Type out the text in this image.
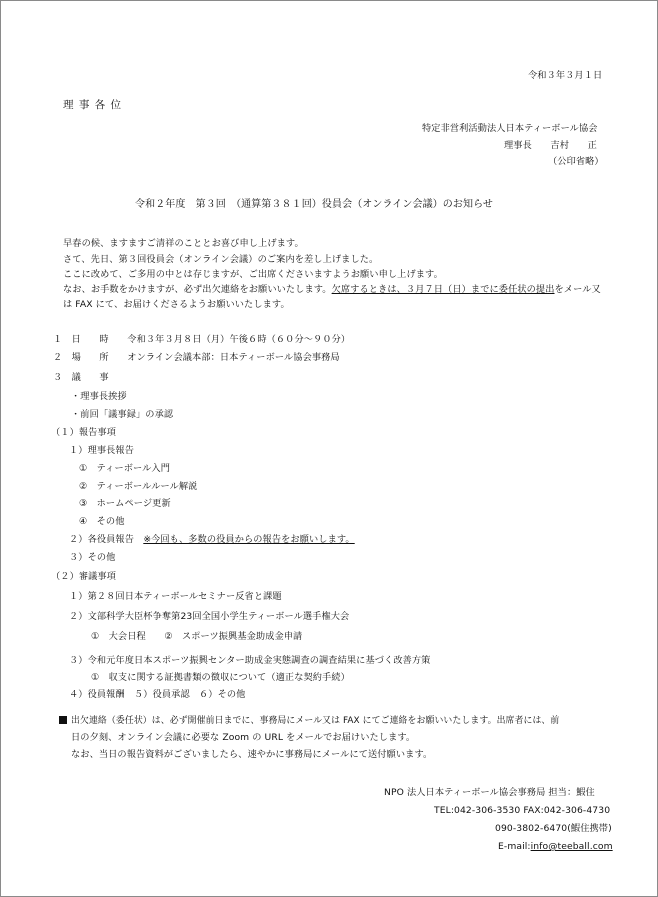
令和３年３月１日
理 事 各 位
特定非営利活動法人日本ティーボール協会
理事長　　吉村　　正
（公印省略）
令和２年度　第３回　（通算第３８１回）役員会（オンライン会議）のお知らせ
早春の候、ますますご清祥のこととお喜び申し上げます。
さて、先日、第３回役員会（オンライン会議）のご案内を差し上げました。
ここに改めて、ご多用の中とは存じますが、ご出席くださいますようお願い申し上げます。
なお、お手数をかけますが、必ず出欠連絡をお願いいたします。欠席するときは、３月７日（日）までに委任状の提出をメール又
は FAX にて、お届けくださるようお願いいたします。
１　日　　時　　令和３年３月８日（月）午後６時（６０分～９０分）
２　場　　所　　オンライン会議本部：日本ティーボール協会事務局
３　議　　事
・理事長挨拶
・前回「議事録」の承認
（１）報告事項
１）理事長報告
①　ティーボール入門
②　ティーボールルール解説
③　ホームページ更新
④　その他
２）各役員報告　※今回も、多数の役員からの報告をお願いします。
３）その他
（２）審議事項
１）第２８回日本ティーボールセミナー反省と課題
２）文部科学大臣杯争奪第23回全国小学生ティーボール選手権大会
①　大会日程　　②　スポーツ振興基金助成金申請
３）令和元年度日本スポーツ振興センター助成金実態調査の調査結果に基づく改善方策
①　収支に関する証拠書類の徴収について（適正な契約手続）
４）役員報酬　５）役員承認　６）その他
出欠連絡（委任状）は、必ず開催前日までに、事務局にメール又は FAX にてご連絡をお願いいたします。出席者には、前
日の夕刻、オンライン会議に必要な Zoom の URL をメールでお届けいたします。
なお、当日の報告資料がございましたら、速やかに事務局にメールにて送付願います。
NPO 法人日本ティーボール協会事務局 担当：鰕住
TEL:042-306-3530 FAX:042-306-4730
090-3802-6470(鰕住携帯)
E-mail:info@teeball.com
